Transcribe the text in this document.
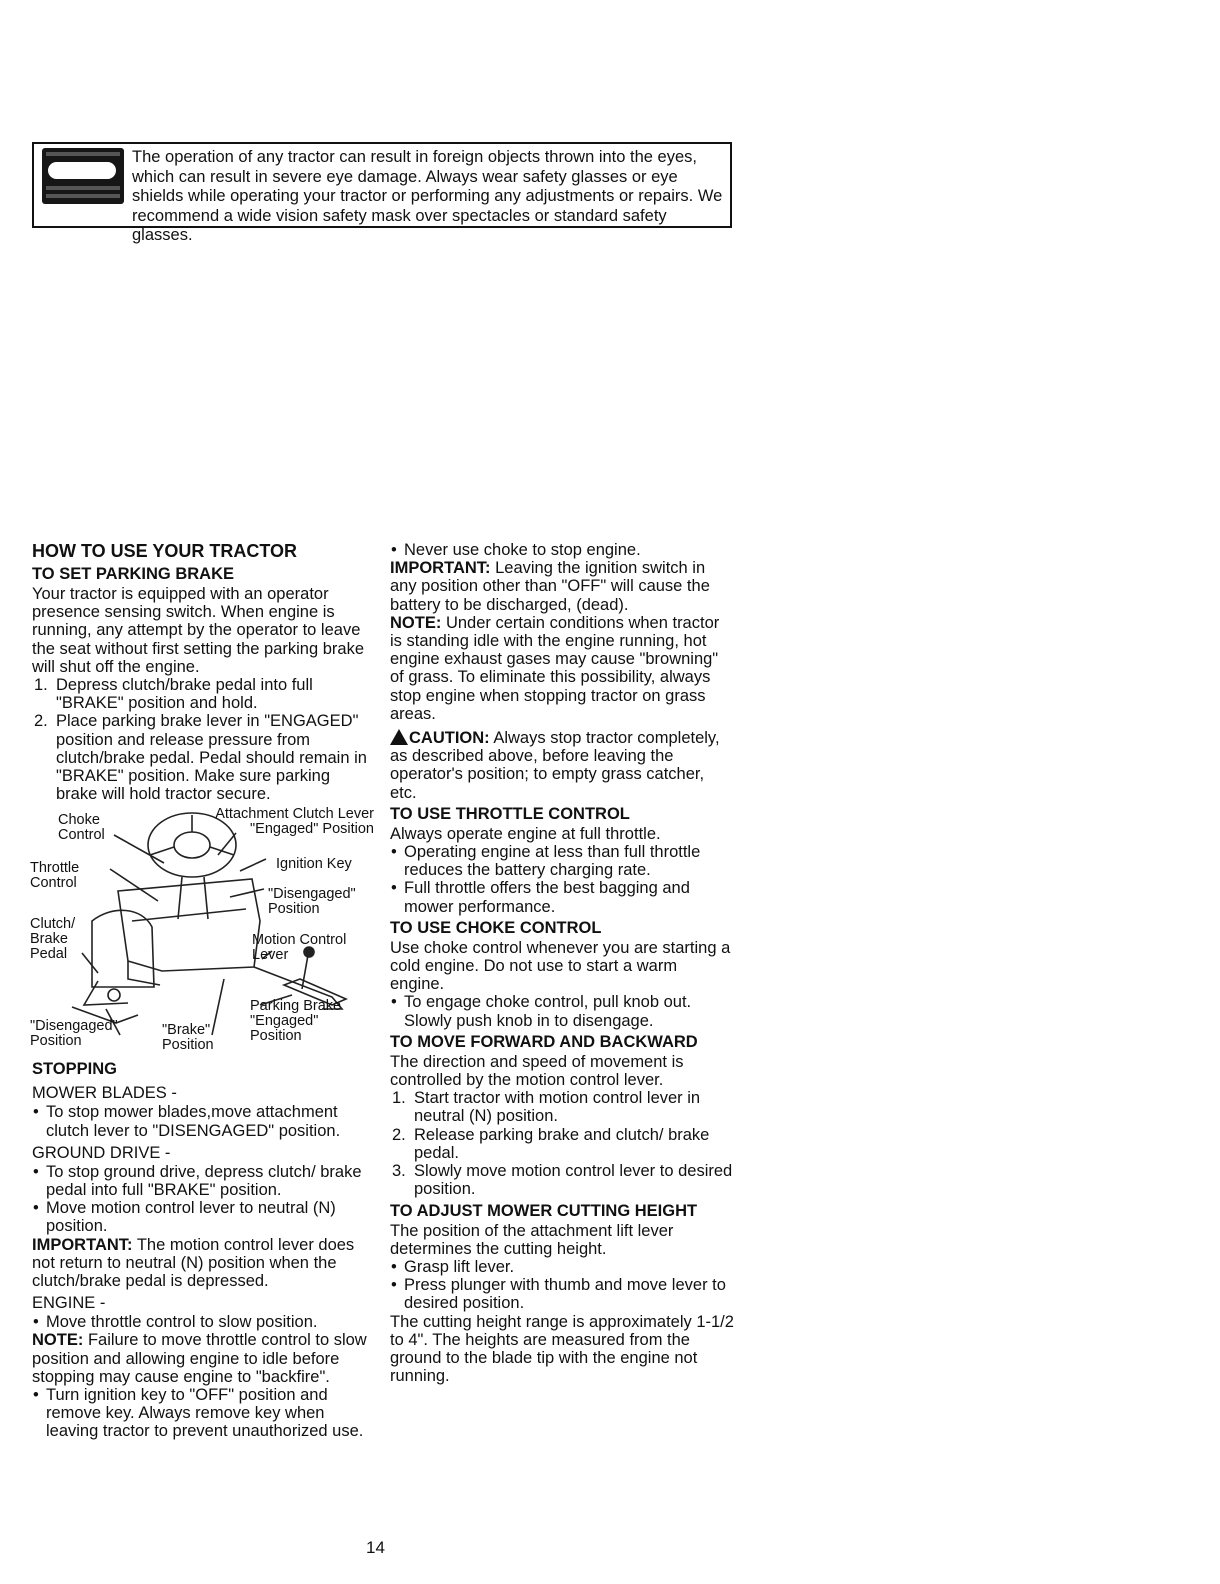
The operation of any tractor can result in foreign objects thrown into the eyes, which can result in severe eye damage. Always wear safety glasses or eye shields while operating your tractor or performing any adjustments or repairs. We recommend a wide vision safety mask over spectacles or standard safety glasses.
HOW TO USE YOUR TRACTOR
TO SET PARKING BRAKE

Your tractor is equipped with an operator presence sensing switch. When engine is running, any attempt by the operator to leave the seat without first setting the parking brake will shut off the engine.

1. Depress clutch/brake pedal into full "BRAKE" position and hold.
2. Place parking brake lever in "ENGAGED" position and release pressure from clutch/brake pedal. Pedal should remain in "BRAKE" position. Make sure parking brake will hold tractor secure.
Choke
Control
Attachment Clutch Lever
"Engaged" Position
Throttle
Control
Ignition Key
"Disengaged"
Position
Clutch/
Brake
Pedal
Motion Control
Lever
Parking Brake
"Engaged"
Position
"Disengaged"
Position
"Brake"
Position
STOPPING
MOWER BLADES -
• To stop mower blades,move attachment clutch lever to "DISENGAGED" position.
GROUND DRIVE -
• To stop ground drive, depress clutch/ brake pedal into full "BRAKE" position.
• Move motion control lever to neutral (N) position.

IMPORTANT: The motion control lever does not return to neutral (N) position when the clutch/brake pedal is depressed.

ENGINE -
• Move throttle control to slow position.

NOTE: Failure to move throttle control to slow position and allowing engine to idle before stopping may cause engine to "backfire".

• Turn ignition key to "OFF" position and remove key. Always remove key when leaving tractor to prevent unauthorized use.
• Never use choke to stop engine.

IMPORTANT: Leaving the ignition switch in any position other than "OFF" will cause the battery to be discharged, (dead).

NOTE: Under certain conditions when tractor is standing idle with the engine running, hot engine exhaust gases may cause "browning" of grass. To eliminate this possibility, always stop engine when stopping tractor on grass areas.

CAUTION: Always stop tractor completely, as described above, before leaving the operator's position; to empty grass catcher, etc.

TO USE THROTTLE CONTROL

Always operate engine at full throttle.

• Operating engine at less than full throttle reduces the battery charging rate.
• Full throttle offers the best bagging and mower performance.
TO USE CHOKE CONTROL

Use choke control whenever you are starting a cold engine. Do not use to start a warm engine.

• To engage choke control, pull knob out. Slowly push knob in to disengage.
TO MOVE FORWARD AND BACKWARD

The direction and speed of movement is controlled by the motion control lever.

1. Start tractor with motion control lever in neutral (N) position.
2. Release parking brake and clutch/ brake pedal.
3. Slowly move motion control lever to desired position.
TO ADJUST MOWER CUTTING HEIGHT

The position of the attachment lift lever determines the cutting height.

• Grasp lift lever.
• Press plunger with thumb and move lever to desired position.

The cutting height range is approximately 1-1/2 to 4". The heights are measured from the ground to the blade tip with the engine not running.

14
